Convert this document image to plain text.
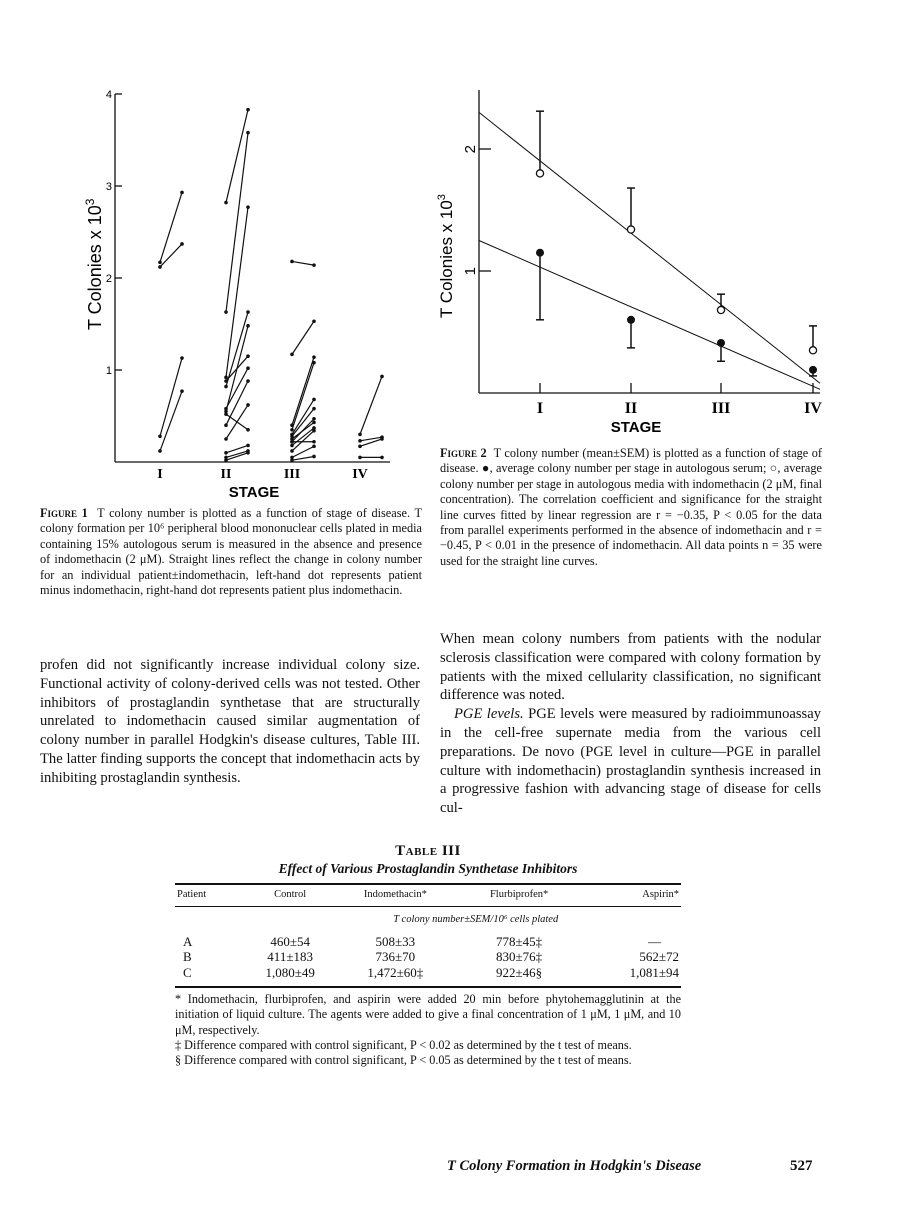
1
2
3
4
I	II	III	IV
T Colonies x $10^3$
STAGE
Figure 1 T colony number is plotted as a function of stage of disease. T colony formation per 10⁶ peripheral blood mononuclear cells plated in media containing 15% autologous serum is measured in the absence and presence of indomethacin (2 μM). Straight lines reflect the change in colony number for an individual patient±indomethacin, left-hand dot represents patient minus indomethacin, right-hand dot represents patient plus indomethacin.
1
2
I	II	III	IV
T Colonies x $10^3$
STAGE
Figure 2 T colony number (mean±SEM) is plotted as a function of stage of disease. ●, average colony number per stage in autologous serum; ○, average colony number per stage in autologous media with indomethacin (2 μM, final concentration). The correlation coefficient and significance for the straight line curves fitted by linear regression are r = −0.35, P < 0.05 for the data from parallel experiments performed in the absence of indomethacin and r = −0.45, P < 0.01 in the presence of indomethacin. All data points n = 35 were used for the straight line curves.

profen did not significantly increase individual colony size. Functional activity of colony-derived cells was not tested. Other inhibitors of prostaglandin synthetase that are structurally unrelated to indomethacin caused similar augmentation of colony number in parallel Hodgkin's disease cultures, Table III. The latter finding supports the concept that indomethacin acts by inhibiting prostaglandin synthesis.

When mean colony numbers from patients with the nodular sclerosis classification were compared with colony formation by patients with the mixed cellularity classification, no significant difference was noted.

PGE levels. PGE levels were measured by radioimmunoassay in the cell-free supernate media from the various cell preparations. De novo (PGE level in culture—PGE in parallel culture with indomethacin) prostaglandin synthesis increased in a progressive fashion with advancing stage of disease for cells cul-

Table III
Effect of Various Prostaglandin Synthetase Inhibitors
Patient	Control	Indomethacin*	Flurbiprofen*	Aspirin*
		T colony number±SEM/10⁶ cells plated		
A	460±54	508±33	778±45‡	—
B	411±183	736±70	830±76‡	562±72
C	1,080±49	1,472±60‡	922±46§	1,081±94

* Indomethacin, flurbiprofen, and aspirin were added 20 min before phytohemagglutinin at the initiation of liquid culture. The agents were added to give a final concentration of 1 μM, 1 μM, and 10 μM, respectively.

‡ Difference compared with control significant, P < 0.02 as determined by the t test of means.

§ Difference compared with control significant, P < 0.05 as determined by the t test of means.

T Colony Formation in Hodgkin's Disease	527
